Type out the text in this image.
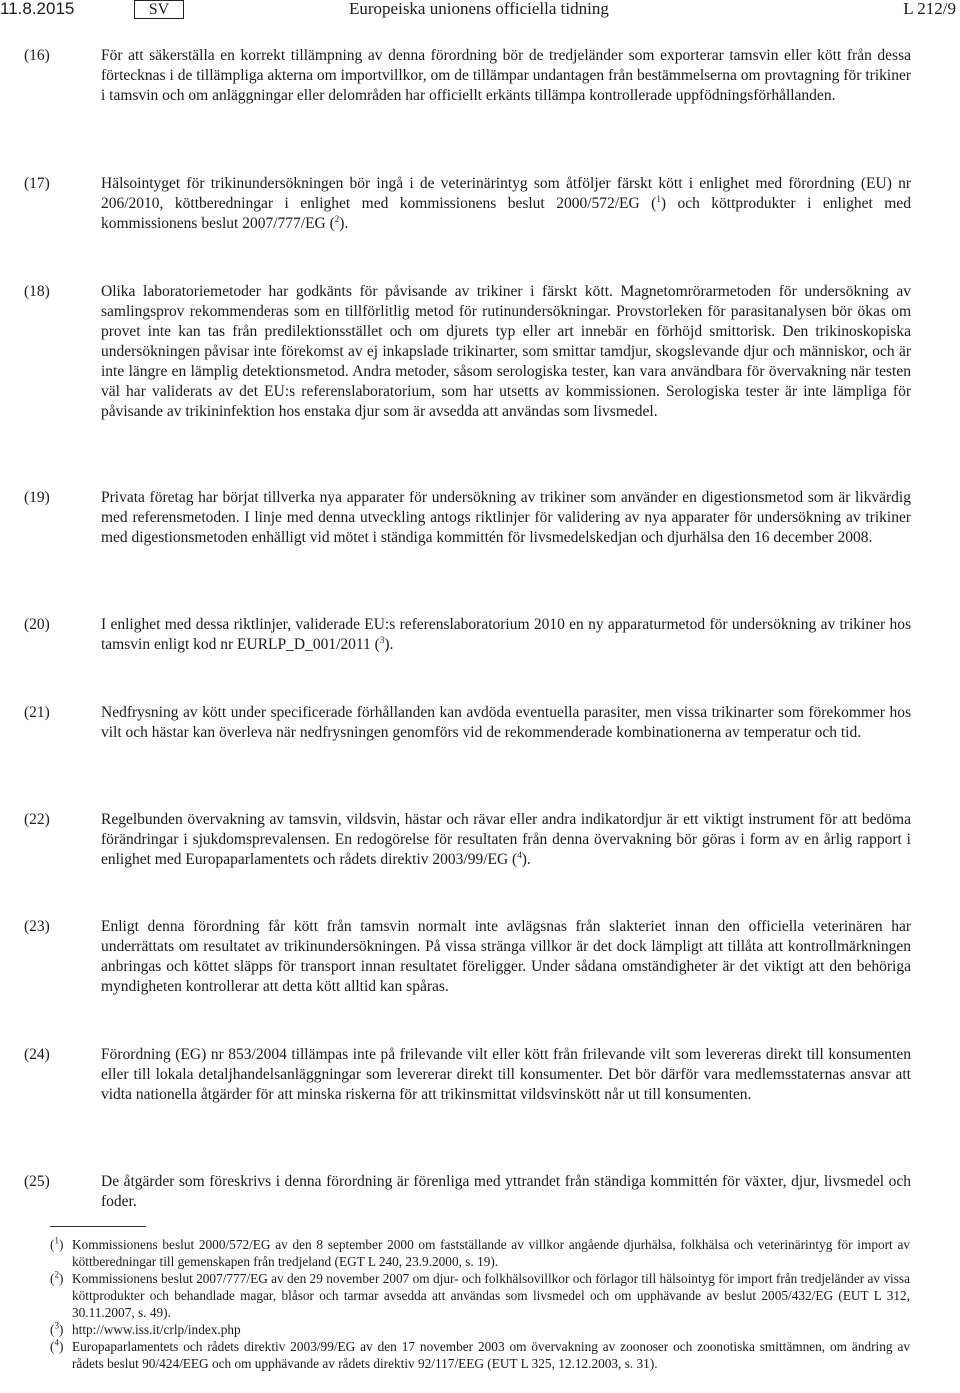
11.8.2015	SV	Europeiska unionens officiella tidning	L 212/9
(16)	För att säkerställa en korrekt tillämpning av denna förordning bör de tredjeländer som exporterar tamsvin eller kött från dessa förtecknas i de tillämpliga akterna om importvillkor, om de tillämpar undantagen från bestämmelserna om provtagning för trikiner i tamsvin och om anläggningar eller delområden har officiellt erkänts tillämpa kontrollerade uppfödningsförhållanden.

(17)	Hälsointyget för trikinundersökningen bör ingå i de veterinärintyg som åtföljer färskt kött i enlighet med förordning (EU) nr 206/2010, köttberedningar i enlighet med kommissionens beslut 2000/572/EG ($^1$) och köttprodukter i enlighet med kommissionens beslut 2007/777/EG ($^2$).

(18)	Olika laboratoriemetoder har godkänts för påvisande av trikiner i färskt kött. Magnetomrörarmetoden för undersökning av samlingsprov rekommenderas som en tillförlitlig metod för rutinundersökningar. Provstorleken för parasitanalysen bör ökas om provet inte kan tas från predilektionsstället och om djurets typ eller art innebär en förhöjd smittorisk. Den trikinoskopiska undersökningen påvisar inte förekomst av ej inkapslade trikinarter, som smittar tamdjur, skogslevande djur och människor, och är inte längre en lämplig detektionsmetod. Andra metoder, såsom serologiska tester, kan vara användbara för övervakning när testen väl har validerats av det EU:s referenslaboratorium, som har utsetts av kommissionen. Serologiska tester är inte lämpliga för påvisande av trikininfektion hos enstaka djur som är avsedda att användas som livsmedel.

(19)	Privata företag har börjat tillverka nya apparater för undersökning av trikiner som använder en digestionsmetod som är likvärdig med referensmetoden. I linje med denna utveckling antogs riktlinjer för validering av nya apparater för undersökning av trikiner med digestionsmetoden enhälligt vid mötet i ständiga kommittén för livsmedelskedjan och djurhälsa den 16 december 2008.

(20)	I enlighet med dessa riktlinjer, validerade EU:s referenslaboratorium 2010 en ny apparaturmetod för undersökning av trikiner hos tamsvin enligt kod nr EURLP_D_001/2011 ($^3$).

(21)	Nedfrysning av kött under specificerade förhållanden kan avdöda eventuella parasiter, men vissa trikinarter som förekommer hos vilt och hästar kan överleva när nedfrysningen genomförs vid de rekommenderade kombinationerna av temperatur och tid.

(22)	Regelbunden övervakning av tamsvin, vildsvin, hästar och rävar eller andra indikatordjur är ett viktigt instrument för att bedöma förändringar i sjukdomsprevalensen. En redogörelse för resultaten från denna övervakning bör göras i form av en årlig rapport i enlighet med Europaparlamentets och rådets direktiv 2003/99/EG ($^4$).

(23)	Enligt denna förordning får kött från tamsvin normalt inte avlägsnas från slakteriet innan den officiella veterinären har underrättats om resultatet av trikinundersökningen. På vissa stränga villkor är det dock lämpligt att tillåta att kontrollmärkningen anbringas och köttet släpps för transport innan resultatet föreligger. Under sådana omständigheter är det viktigt att den behöriga myndigheten kontrollerar att detta kött alltid kan spåras.

(24)	Förordning (EG) nr 853/2004 tillämpas inte på frilevande vilt eller kött från frilevande vilt som levereras direkt till konsumenten eller till lokala detaljhandelsanläggningar som levererar direkt till konsumenter. Det bör därför vara medlemsstaternas ansvar att vidta nationella åtgärder för att minska riskerna för att trikinsmittat vildsvinskött når ut till konsumenten.

(25)	De åtgärder som föreskrivs i denna förordning är förenliga med yttrandet från ständiga kommittén för växter, djur, livsmedel och foder.

($^1$) Kommissionens beslut 2000/572/EG av den 8 september 2000 om fastställande av villkor angående djurhälsa, folkhälsa och veterinärintyg för import av köttberedningar till gemenskapen från tredjeland (EGT L 240, 23.9.2000, s. 19).

($^2$) Kommissionens beslut 2007/777/EG av den 29 november 2007 om djur- och folkhälsovillkor och förlagor till hälsointyg för import från tredjeländer av vissa köttprodukter och behandlade magar, blåsor och tarmar avsedda att användas som livsmedel och om upphävande av beslut 2005/432/EG (EUT L 312, 30.11.2007, s. 49).

($^3$) http://www.iss.it/crlp/index.php

($^4$) Europaparlamentets och rådets direktiv 2003/99/EG av den 17 november 2003 om övervakning av zoonoser och zoonotiska smittämnen, om ändring av rådets beslut 90/424/EEG och om upphävande av rådets direktiv 92/117/EEG (EUT L 325, 12.12.2003, s. 31).
